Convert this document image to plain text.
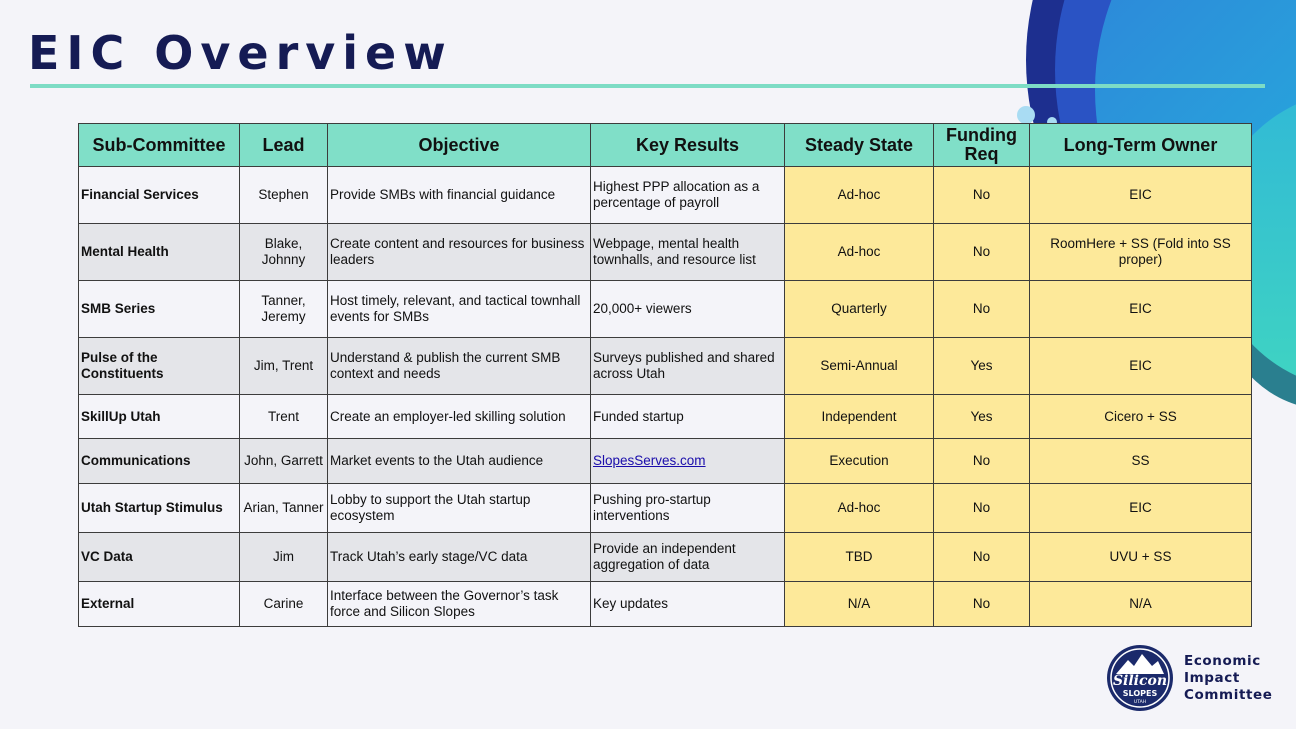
EIC Overview
Sub-Committee	Lead	Objective	Key Results	Steady State	Funding Req	Long-Term Owner
Financial Services	Stephen	Provide SMBs with financial guidance	Highest PPP allocation as a percentage of payroll	Ad-hoc	No	EIC
Mental Health	Blake, Johnny	Create content and resources for business leaders	Webpage, mental health townhalls, and resource list	Ad-hoc	No	RoomHere + SS (Fold into SS proper)
SMB Series	Tanner, Jeremy	Host timely, relevant, and tactical townhall events for SMBs	20,000+ viewers	Quarterly	No	EIC
Pulse of the Constituents	Jim, Trent	Understand & publish the current SMB context and needs	Surveys published and shared across Utah	Semi-Annual	Yes	EIC
SkillUp Utah	Trent	Create an employer-led skilling solution	Funded startup	Independent	Yes	Cicero + SS
Communications	John, Garrett	Market events to the Utah audience	SlopesServes.com	Execution	No	SS
Utah Startup Stimulus	Arian, Tanner	Lobby to support the Utah startup ecosystem	Pushing pro-startup interventions	Ad-hoc	No	EIC
VC Data	Jim	Track Utah’s early stage/VC data	Provide an independent aggregation of data	TBD	No	UVU + SS
External	Carine	Interface between the Governor’s task force and Silicon Slopes	Key updates	N/A	No	N/A
Silicon
SLOPES
UTAH
Economic
Impact
Committee
